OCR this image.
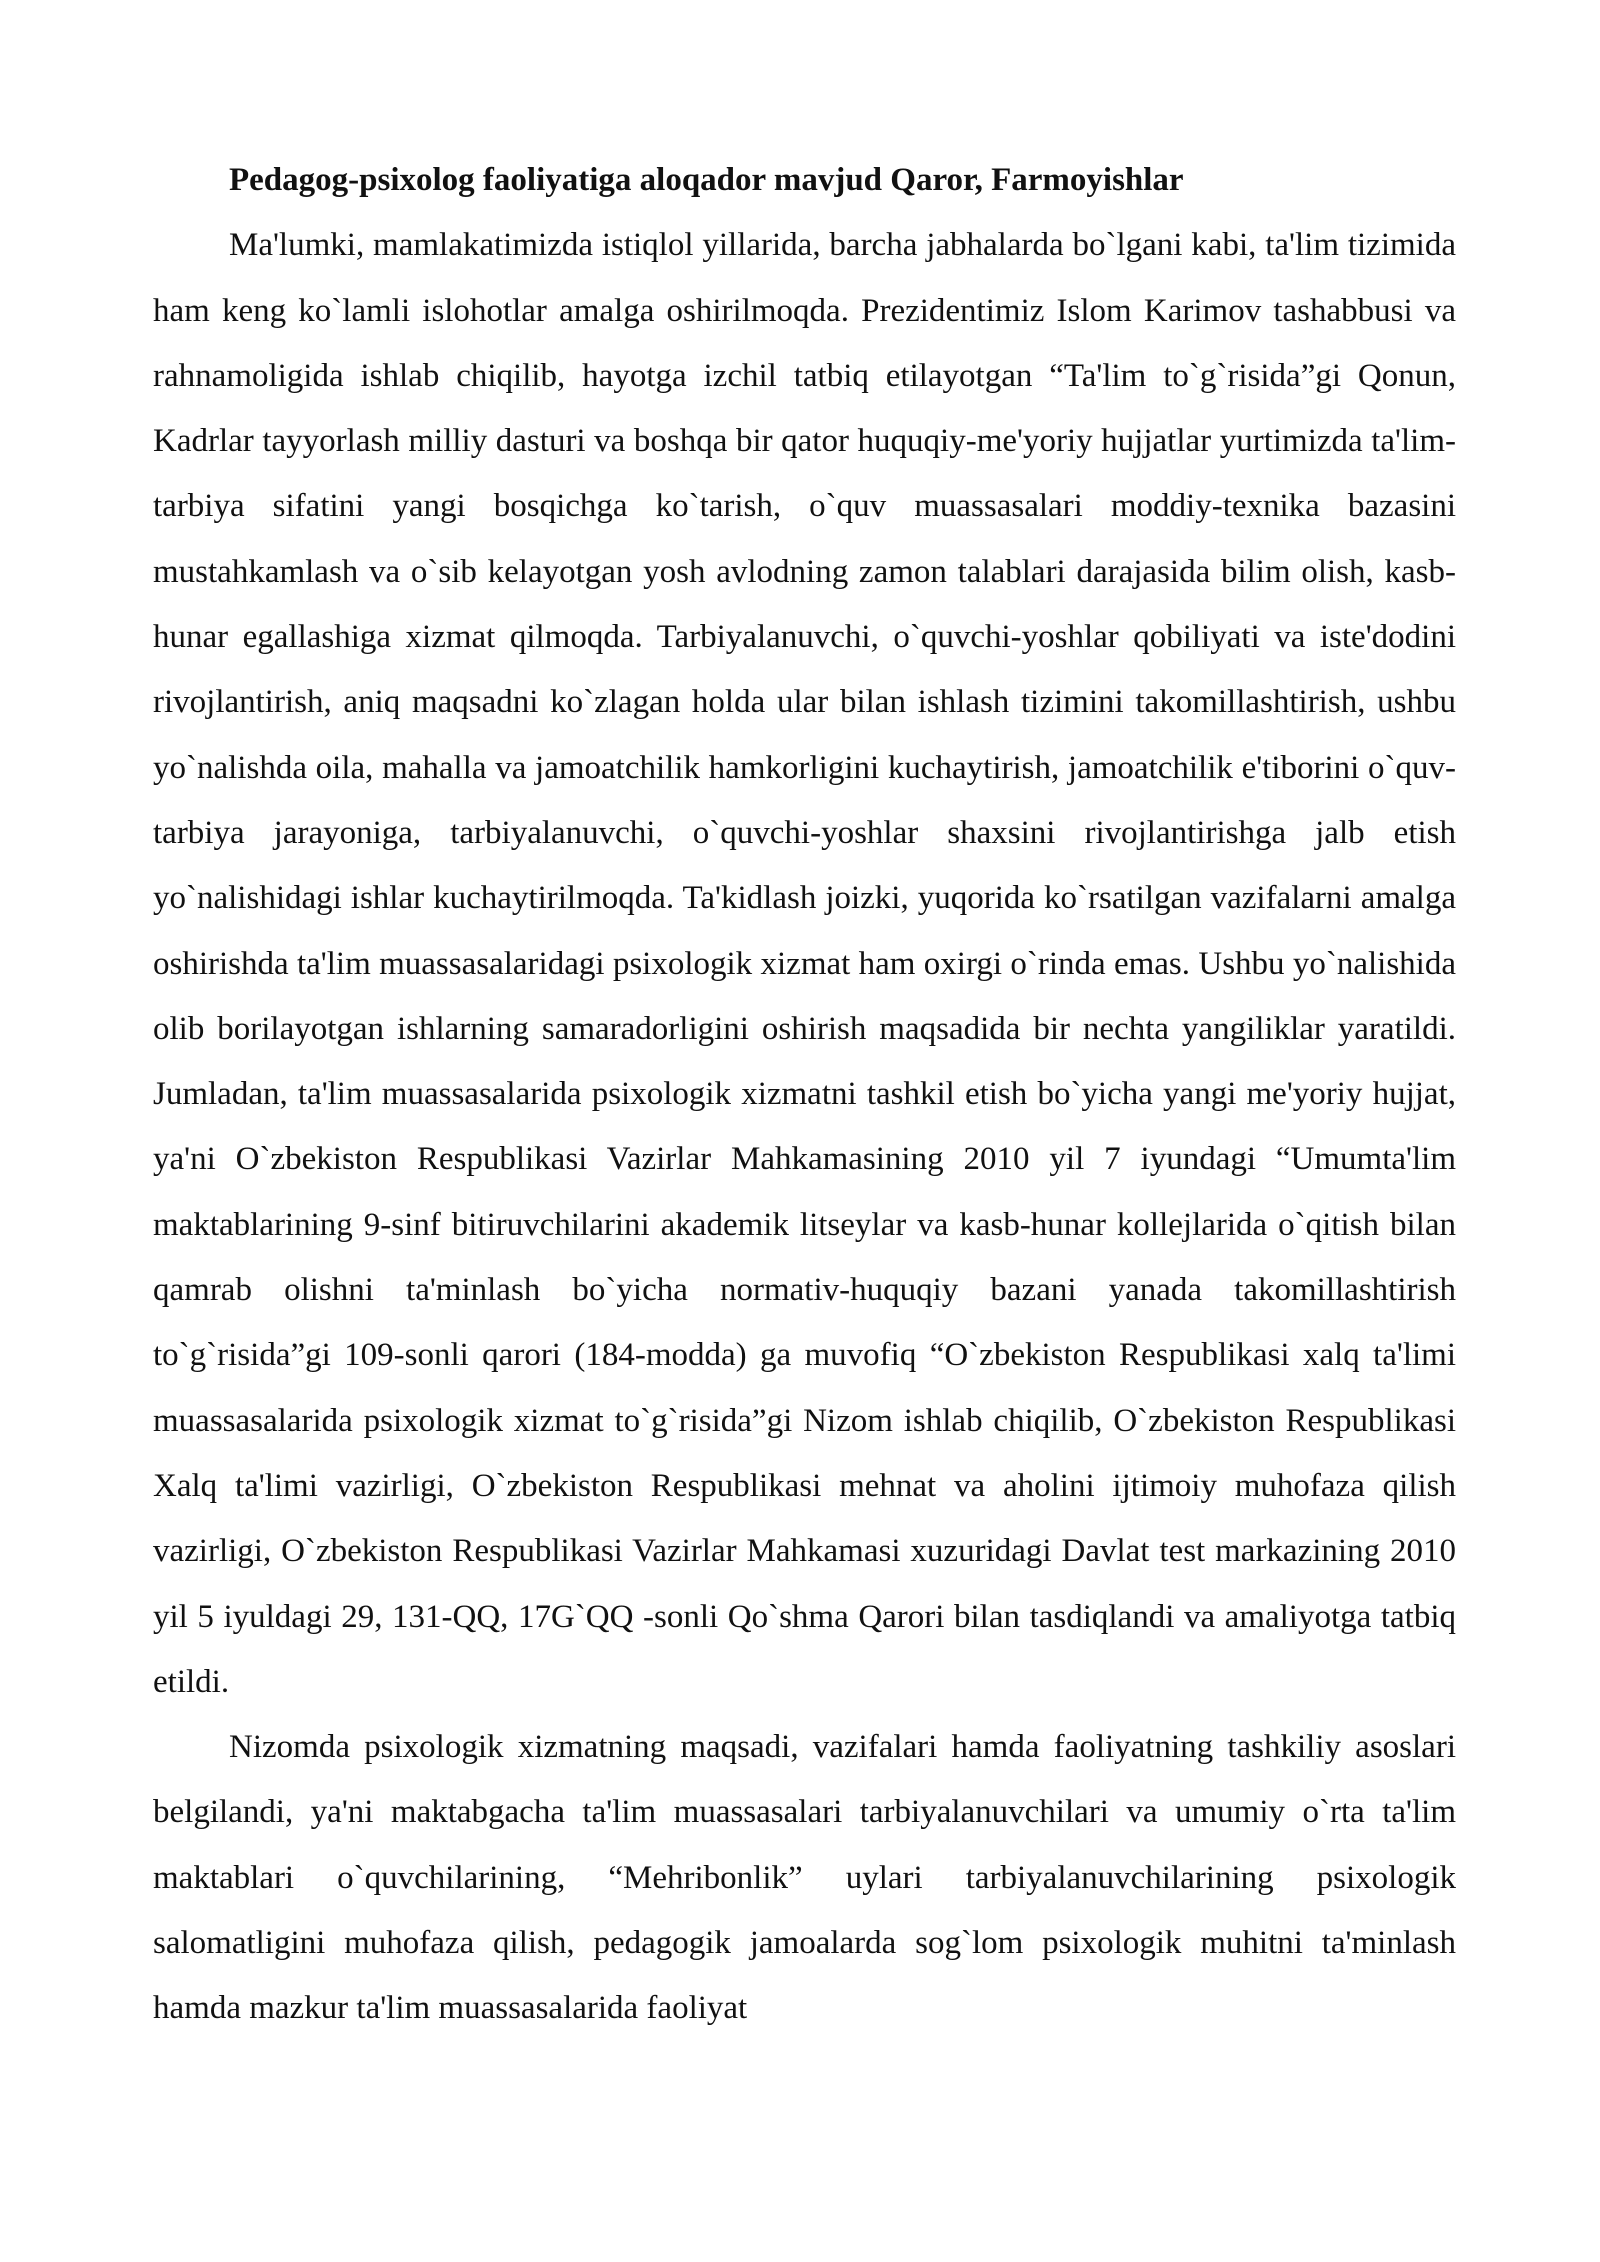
Pedagog-psixolog faoliyatiga aloqador mavjud Qaror, Farmoyishlar

Ma'lumki, mamlakatimizda istiqlol yillarida, barcha jabhalarda bo`lgani kabi, ta'lim tizimida ham keng ko`lamli islohotlar amalga oshirilmoqda. Prezidentimiz Islom Karimov tashabbusi va rahnamoligida ishlab chiqilib, hayotga izchil tatbiq etilayotgan “Ta'lim to`g`risida”gi Qonun, Kadrlar tayyorlash milliy dasturi va boshqa bir qator huquqiy-me'yoriy hujjatlar yurtimizda ta'lim-tarbiya sifatini yangi bosqichga ko`tarish, o`quv muassasalari moddiy-texnika bazasini mustahkamlash va o`sib kelayotgan yosh avlodning zamon talablari darajasida bilim olish, kasb-hunar egallashiga xizmat qilmoqda. Tarbiyalanuvchi, o`quvchi-yoshlar qobiliyati va iste'dodini rivojlantirish, aniq maqsadni ko`zlagan holda ular bilan ishlash tizimini takomillashtirish, ushbu yo`nalishda oila, mahalla va jamoatchilik hamkorligini kuchaytirish, jamoatchilik e'tiborini o`quv-tarbiya jarayoniga, tarbiyalanuvchi, o`quvchi-yoshlar shaxsini rivojlantirishga jalb etish yo`nalishidagi ishlar kuchaytirilmoqda. Ta'kidlash joizki, yuqorida ko`rsatilgan vazifalarni amalga oshirishda ta'lim muassasalaridagi psixologik xizmat ham oxirgi o`rinda emas. Ushbu yo`nalishida olib borilayotgan ishlarning samaradorligini oshirish maqsadida bir nechta yangiliklar yaratildi. Jumladan, ta'lim muassasalarida psixologik xizmatni tashkil etish bo`yicha yangi me'yoriy hujjat, ya'ni O`zbekiston Respublikasi Vazirlar Mahkamasining 2010 yil 7 iyundagi “Umumta'lim maktablarining 9-sinf bitiruvchilarini akademik litseylar va kasb-hunar kollejlarida o`qitish bilan qamrab olishni ta'minlash bo`yicha normativ-huquqiy bazani yanada takomillashtirish to`g`risida”gi 109-sonli qarori (184-modda) ga muvofiq “O`zbekiston Respublikasi xalq ta'limi muassasalarida psixologik xizmat to`g`risida”gi Nizom ishlab chiqilib, O`zbekiston Respublikasi Xalq ta'limi vazirligi, O`zbekiston Respublikasi mehnat va aholini ijtimoiy muhofaza qilish vazirligi, O`zbekiston Respublikasi Vazirlar Mahkamasi xuzuridagi Davlat test markazining 2010 yil 5 iyuldagi 29, 131-QQ, 17G`QQ -sonli Qo`shma Qarori bilan tasdiqlandi va amaliyotga tatbiq etildi.

Nizomda psixologik xizmatning maqsadi, vazifalari hamda faoliyatning tashkiliy asoslari belgilandi, ya'ni maktabgacha ta'lim muassasalari tarbiyalanuvchilari va umumiy o`rta ta'lim maktablari o`quvchilarining, “Mehribonlik” uylari tarbiyalanuvchilarining psixologik salomatligini muhofaza qilish, pedagogik jamoalarda sog`lom psixologik muhitni ta'minlash hamda mazkur ta'lim muassasalarida faoliyat
